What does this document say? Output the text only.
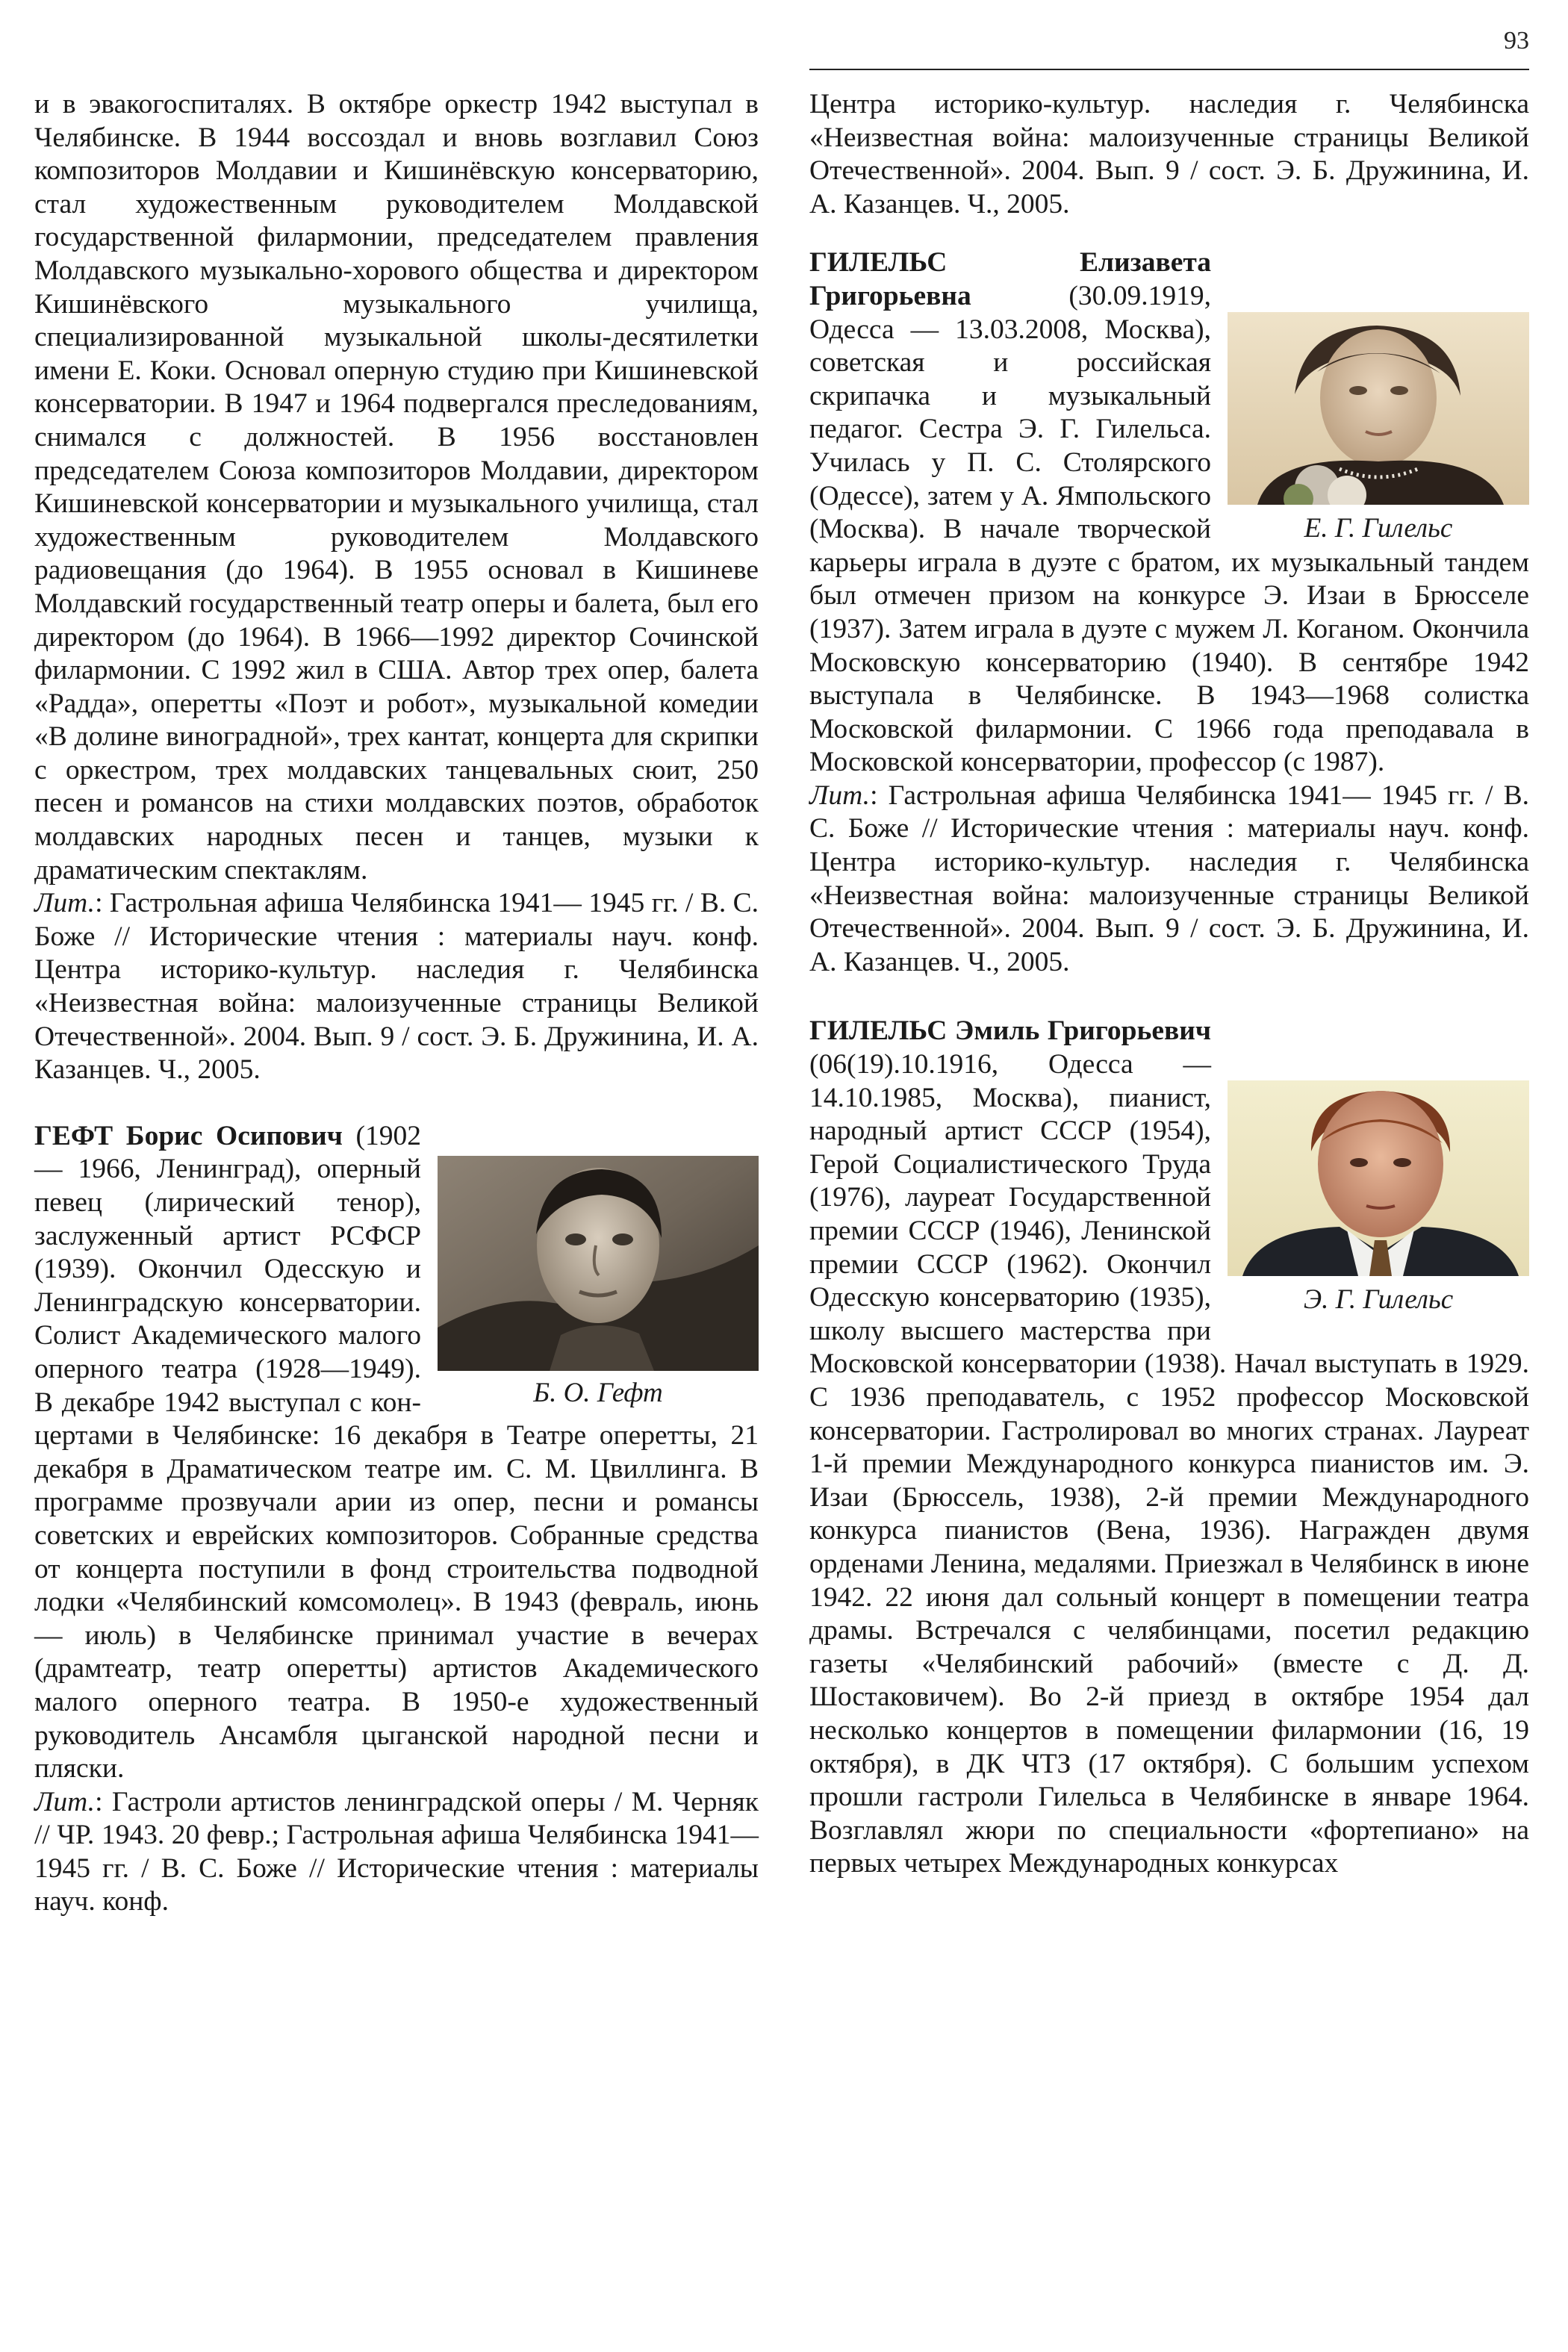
93

и в эвакогоспиталях. В октябре оркестр 1942 выступал в Челябинске. В 1944 воссоздал и вновь возглавил Союз композиторов Молдавии и Кишинёвскую консерваторию, стал художественным руководителем Молдавской государственной филармонии, председателем правления Молдавского музыкально-хорового общества и директором Кишинёвского музыкального училища, специализированной музыкальной школы-десятилетки имени Е. Коки. Основал оперную студию при Кишиневской консерватории. В 1947 и 1964 подвергался преследованиям, снимался с должностей. В 1956 восстановлен председателем Союза композиторов Молдавии, директором Кишиневской консерватории и музыкального училища, стал художественным руководителем Молдавского радиовещания (до 1964). В 1955 основал в Кишиневе Молдавский государственный театр оперы и балета, был его директором (до 1964). В 1966—1992 директор Сочинской филармонии. С 1992 жил в США. Автор трех опер, балета «Радда», оперетты «Поэт и робот», музыкальной комедии «В долине виноградной», трех кантат, концерта для скрипки с оркестром, трех молдавских танцевальных сюит, 250 песен и романсов на стихи молдавских поэтов, обработок молдавских народных песен и танцев, музыки к драматическим спектаклям.

Лит.: Гастрольная афиша Челябинска 1941— 1945 гг. / В. С. Боже // Исторические чтения : материалы науч. конф. Центра историко-культур. наследия г. Челябинска «Неизвестная война: малоизученные страницы Великой Отечественной». 2004. Вып. 9 / сост. Э. Б. Дружинина, И. А. Казанцев. Ч., 2005.

Б. О. Гефт

ГЕФТ Борис Осипович (1902 — 1966, Ленинград), оперный певец (лирический тенор), заслуженный артист РСФСР (1939). Окончил Одесскую и Ленинградскую консерватории. Солист Академического малого оперного театра (1928—1949). В декабре 1942 выступал с концертами в Челябинске: 16 декабря в Театре оперетты, 21 декабря в Драматическом театре им. С. М. Цвиллинга. В программе прозвучали арии из опер, песни и романсы советских и еврейских композиторов. Собранные средства от концерта поступили в фонд строительства подводной лодки «Челябинский комсомолец». В 1943 (февраль, июнь — июль) в Челябинске принимал участие в вечерах (драмтеатр, театр оперетты) артистов Академического малого оперного театра. В 1950-е художественный руководитель Ансамбля цыганской народной песни и пляски.

Лит.: Гастроли артистов ленинградской оперы / М. Черняк // ЧР. 1943. 20 февр.; Гастрольная афиша Челябинска 1941—1945 гг. / В. С. Боже // Исторические чтения : материалы науч. конф.

Центра историко-культур. наследия г. Челябинска «Неизвестная война: малоизученные страницы Великой Отечественной». 2004. Вып. 9 / сост. Э. Б. Дружинина, И. А. Казанцев. Ч., 2005.

Е. Г. Гилельс

ГИЛЕЛЬС Елизавета Григорьевна (30.09.1919, Одесса — 13.03.2008, Москва), советская и российская скрипачка и музыкальный педагог. Сестра Э. Г. Гилельса. Училась у П. С. Столярского (Одессе), затем у А. Ямпольского (Москва). В начале творческой карьеры играла в дуэте с братом, их музыкальный тандем был отмечен призом на конкурсе Э. Изаи в Брюсселе (1937). Затем играла в дуэте с мужем Л. Коганом. Окончила Московскую консерваторию (1940). В сентябре 1942 выступала в Челябинске. В 1943—1968 солистка Московской филармонии. С 1966 года преподавала в Московской консерватории, профессор (с 1987).

Лит.: Гастрольная афиша Челябинска 1941— 1945 гг. / В. С. Боже // Исторические чтения : материалы науч. конф. Центра историко-культур. наследия г. Челябинска «Неизвестная война: малоизученные страницы Великой Отечественной». 2004. Вып. 9 / сост. Э. Б. Дружинина, И. А. Казанцев. Ч., 2005.

Э. Г. Гилельс

ГИЛЕЛЬС Эмиль Григорьевич (06(19).10.1916, Одесса — 14.10.1985, Москва), пианист, народный артист СССР (1954), Герой Социалистического Труда (1976), лауреат Государственной премии СССР (1946), Ленинской премии СССР (1962). Окончил Одесскую консерваторию (1935), школу высшего мастерства при Московской консерватории (1938). Начал выступать в 1929. С 1936 преподаватель, с 1952 профессор Московской консерватории. Гастролировал во многих странах. Лауреат 1-й премии Международного конкурса пианистов им. Э. Изаи (Брюссель, 1938), 2-й премии Международного конкурса пианистов (Вена, 1936). Награжден двумя орденами Ленина, медалями. Приезжал в Челябинск в июне 1942. 22 июня дал сольный концерт в помещении театра драмы. Встречался с челябинцами, посетил редакцию газеты «Челябинский рабочий» (вместе с Д. Д. Шостаковичем). Во 2-й приезд в октябре 1954 дал несколько концертов в помещении филармонии (16, 19 октября), в ДК ЧТЗ (17 октября). С большим успехом прошли гастроли Гилельса в Челябинске в январе 1964. Возглавлял жюри по специальности «фортепиано» на первых четырех Международных конкурсах
